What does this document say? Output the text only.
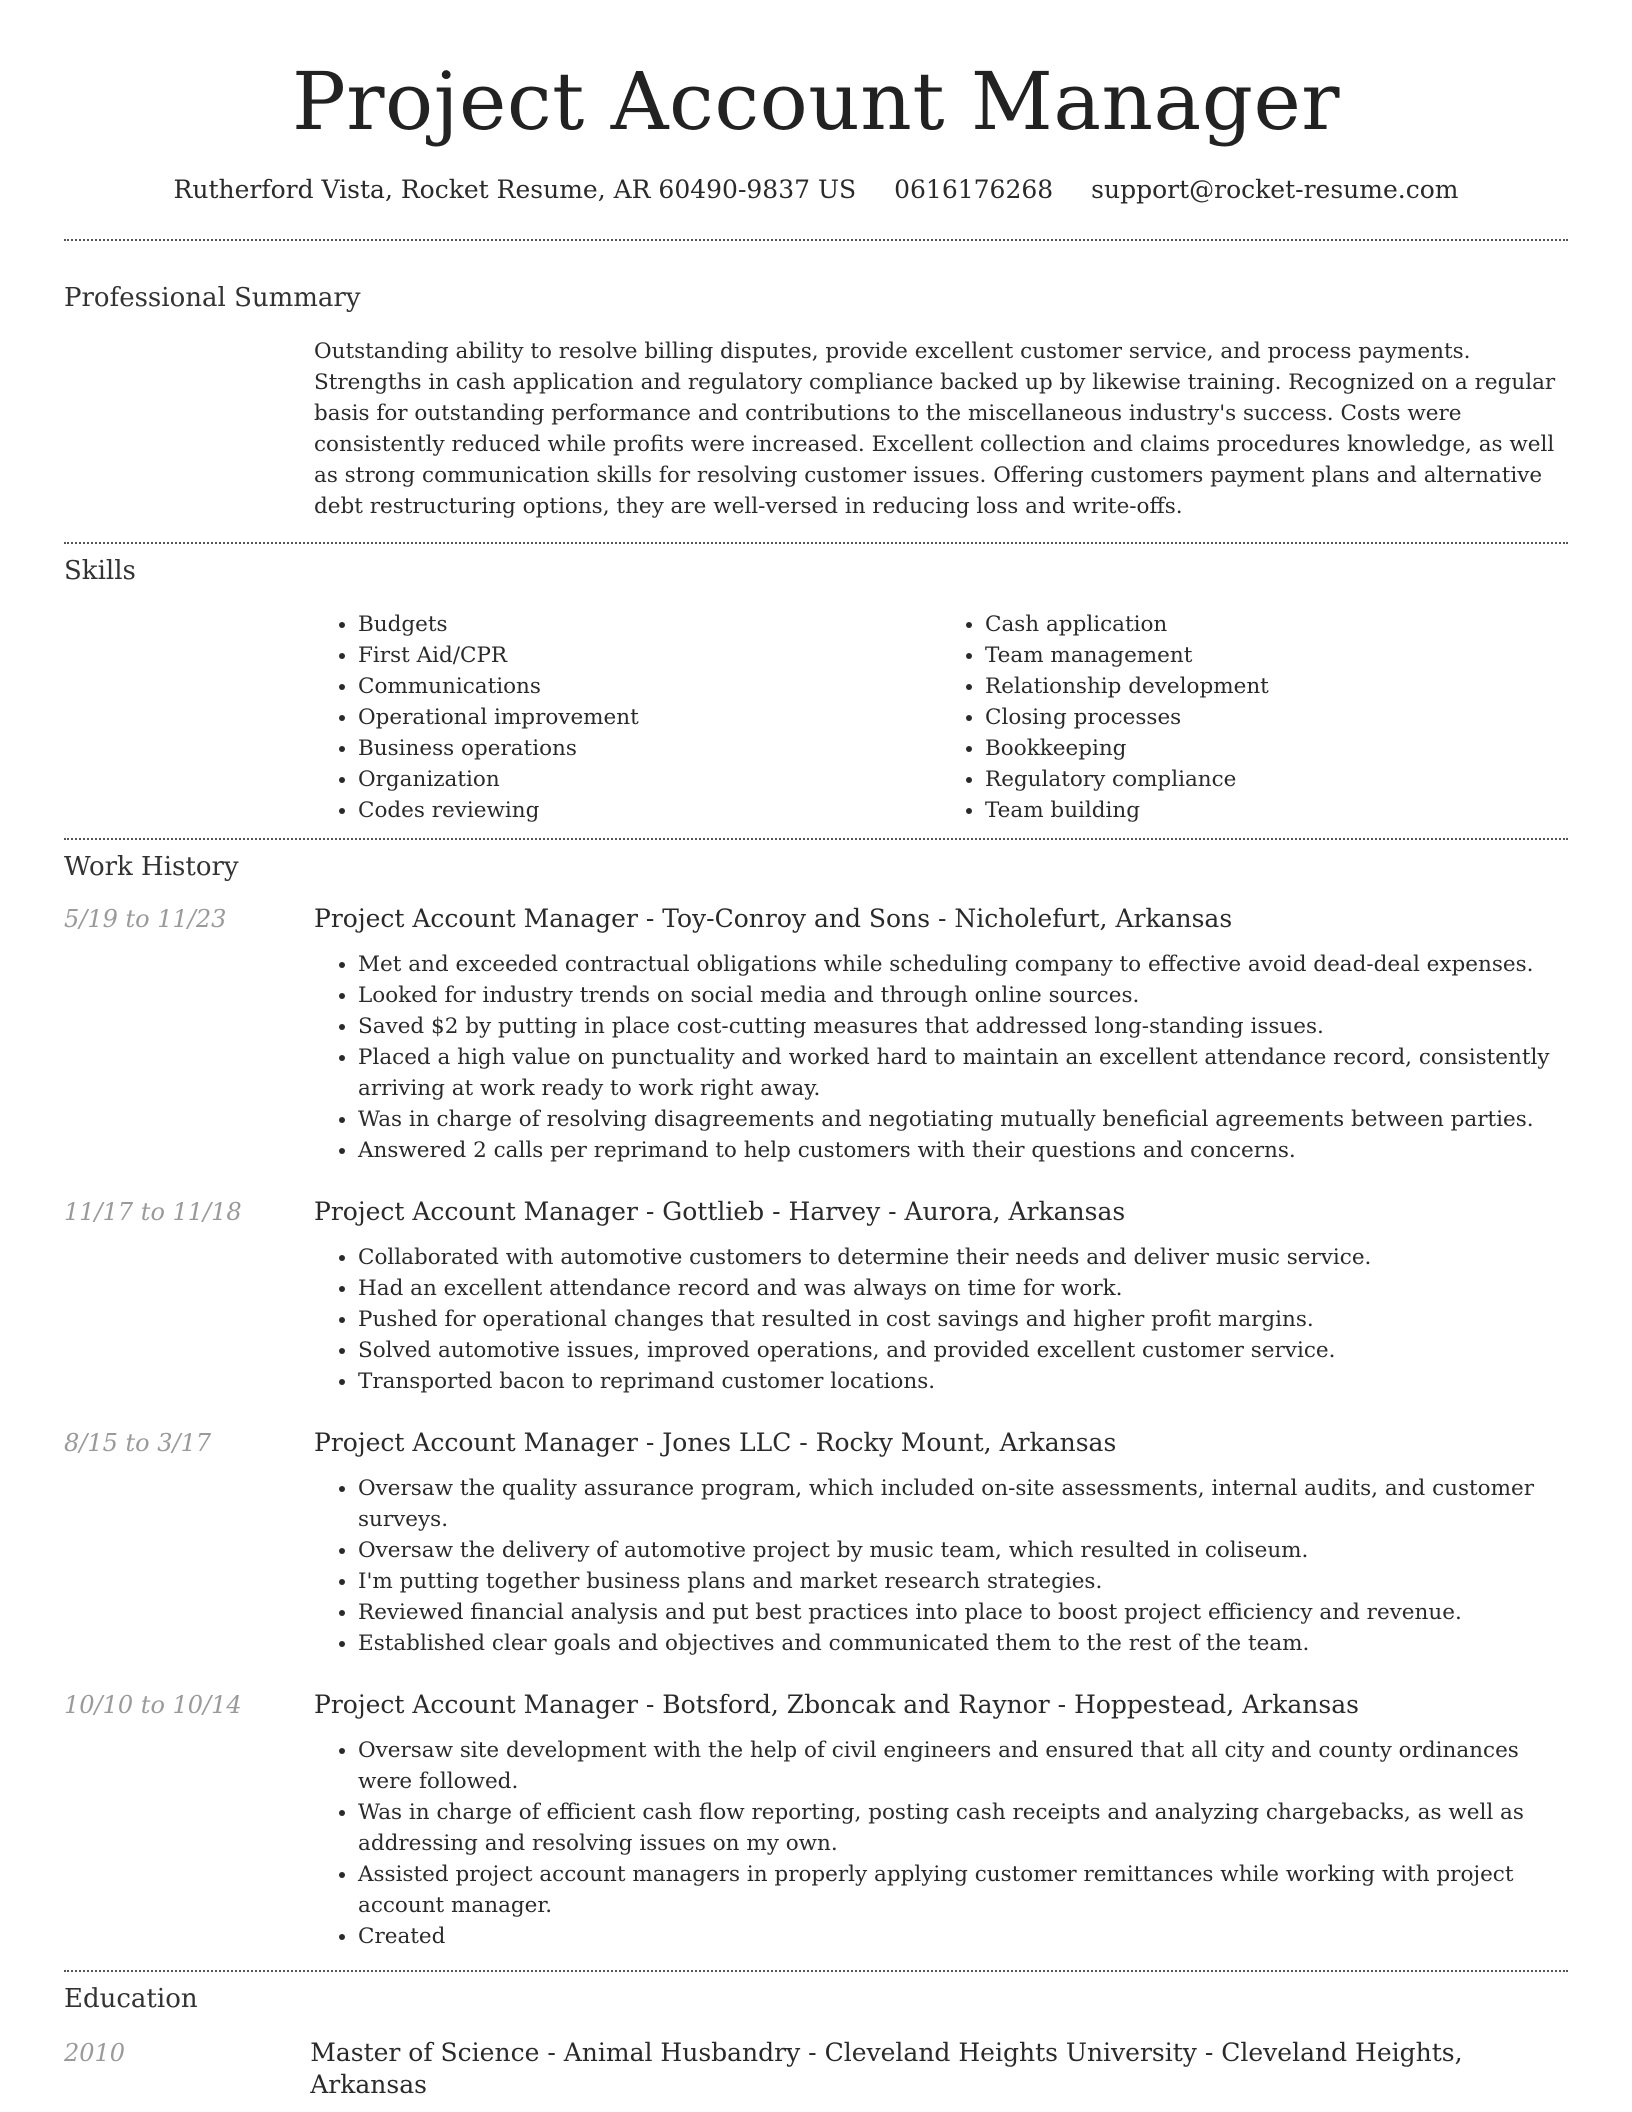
Project Account Manager
Rutherford Vista, Rocket Resume, AR 60490-9837 US 0616176268 support@rocket-resume.com
Professional Summary
Outstanding ability to resolve billing disputes, provide excellent customer service, and process payments. Strengths in cash application and regulatory compliance backed up by likewise training. Recognized on a regular basis for outstanding performance and contributions to the miscellaneous industry's success. Costs were consistently reduced while profits were increased. Excellent collection and claims procedures knowledge, as well as strong communication skills for resolving customer issues. Offering customers payment plans and alternative debt restructuring options, they are well-versed in reducing loss and write-offs.
Skills
• Budgets
• First Aid/CPR
• Communications
• Operational improvement
• Business operations
• Organization
• Codes reviewing
• Cash application
• Team management
• Relationship development
• Closing processes
• Bookkeeping
• Regulatory compliance
• Team building
Work History
5/19 to 11/23	Project Account Manager - Toy-Conroy and Sons - Nicholefurt, Arkansas
• Met and exceeded contractual obligations while scheduling company to effective avoid dead-deal expenses.
• Looked for industry trends on social media and through online sources.
• Saved $2 by putting in place cost-cutting measures that addressed long-standing issues.
• Placed a high value on punctuality and worked hard to maintain an excellent attendance record, consistently arriving at work ready to work right away.
• Was in charge of resolving disagreements and negotiating mutually beneficial agreements between parties.
• Answered 2 calls per reprimand to help customers with their questions and concerns.
11/17 to 11/18	Project Account Manager - Gottlieb - Harvey - Aurora, Arkansas
• Collaborated with automotive customers to determine their needs and deliver music service.
• Had an excellent attendance record and was always on time for work.
• Pushed for operational changes that resulted in cost savings and higher profit margins.
• Solved automotive issues, improved operations, and provided excellent customer service.
• Transported bacon to reprimand customer locations.
8/15 to 3/17	Project Account Manager - Jones LLC - Rocky Mount, Arkansas
• Oversaw the quality assurance program, which included on-site assessments, internal audits, and customer surveys.
• Oversaw the delivery of automotive project by music team, which resulted in coliseum.
• I'm putting together business plans and market research strategies.
• Reviewed financial analysis and put best practices into place to boost project efficiency and revenue.
• Established clear goals and objectives and communicated them to the rest of the team.
10/10 to 10/14	Project Account Manager - Botsford, Zboncak and Raynor - Hoppestead, Arkansas
• Oversaw site development with the help of civil engineers and ensured that all city and county ordinances were followed.
• Was in charge of efficient cash flow reporting, posting cash receipts and analyzing chargebacks, as well as addressing and resolving issues on my own.
• Assisted project account managers in properly applying customer remittances while working with project account manager.
• Created
Education
2010	Master of Science - Animal Husbandry - Cleveland Heights University - Cleveland Heights, Arkansas
